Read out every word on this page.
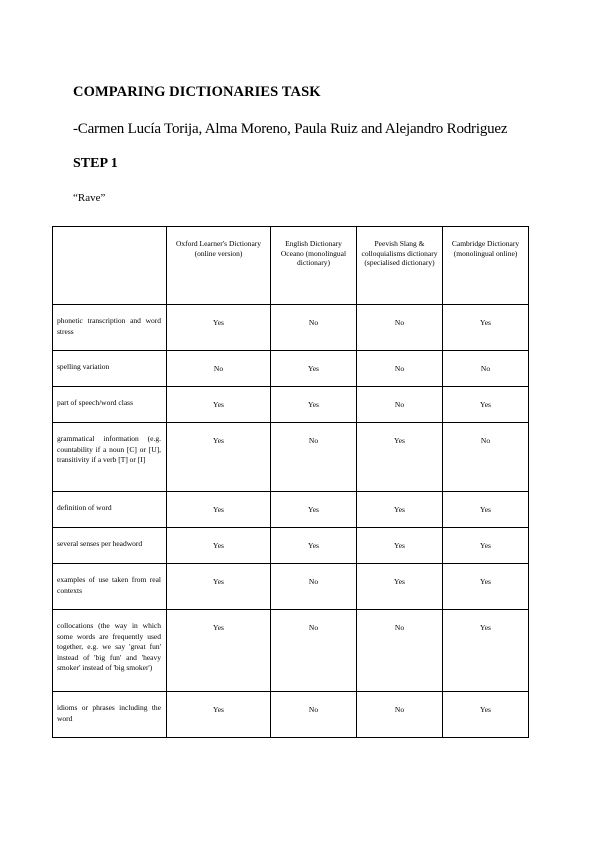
COMPARING DICTIONARIES TASK
-Carmen Lucía Torija, Alma Moreno, Paula Ruiz and Alejandro Rodriguez
STEP 1
“Rave”
	Oxford Learner's Dictionary (online version)	English Dictionary Oceano (monolingual dictionary)	Peevish Slang & colloquialisms dictionary (specialised dictionary)	Cambridge Dictionary (monolingual online)
phonetic transcription and word stress	Yes	No	No	Yes
spelling variation	No	Yes	No	No
part of speech/word class	Yes	Yes	No	Yes
grammatical information (e.g. countability if a noun [C] or [U], transitivity if a verb [T] or [I]	Yes	No	Yes	No
definition of word	Yes	Yes	Yes	Yes
several senses per headword	Yes	Yes	Yes	Yes
examples of use taken from real contexts	Yes	No	Yes	Yes
collocations (the way in which some words are frequently used together, e.g. we say 'great fun' instead of 'big fun' and 'heavy smoker' instead of 'big smoker')	Yes	No	No	Yes
idioms or phrases including the word	Yes	No	No	Yes
